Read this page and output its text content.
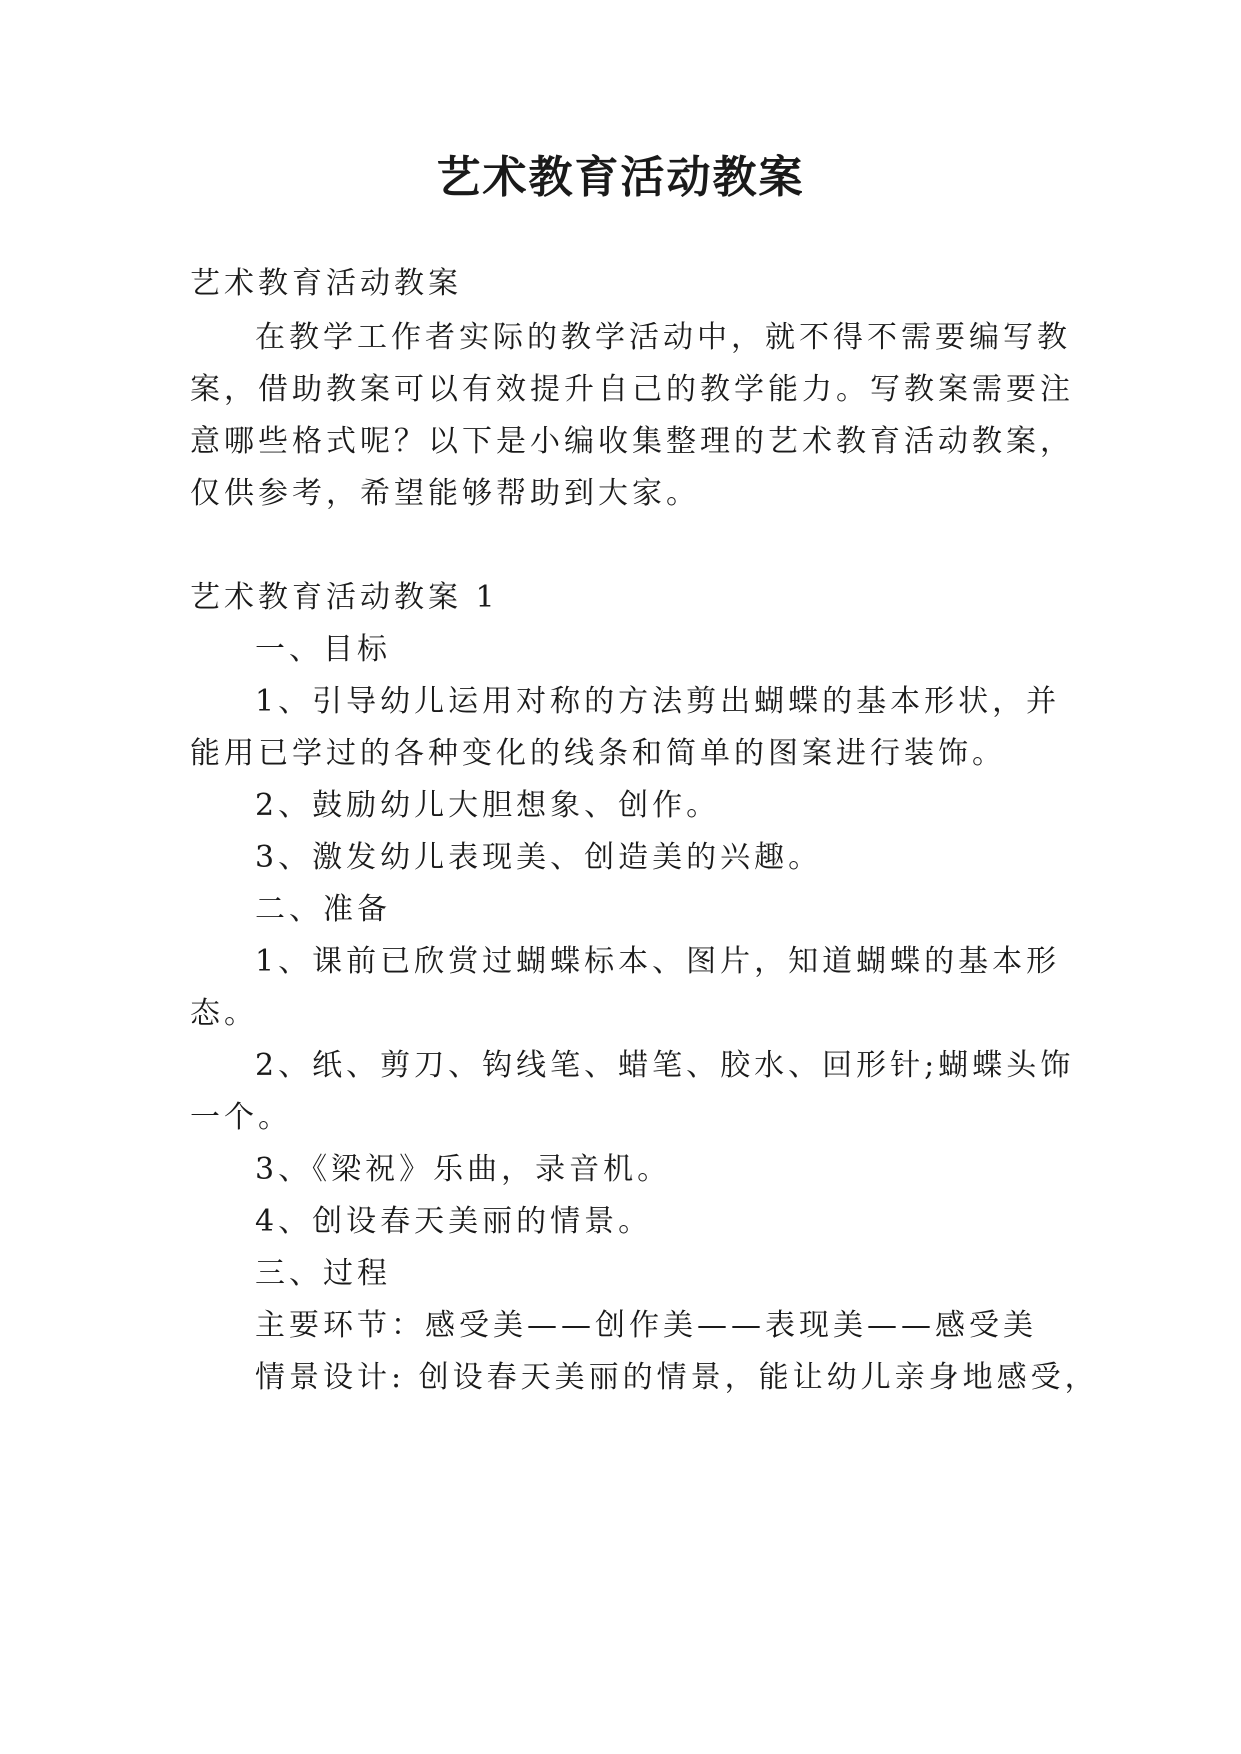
艺术教育活动教案

艺术教育活动教案

在教学工作者实际的教学活动中，就不得不需要编写教

案，借助教案可以有效提升自己的教学能力。写教案需要注

意哪些格式呢？以下是小编收集整理的艺术教育活动教案，

仅供参考，希望能够帮助到大家。

艺术教育活动教案 1

一、目标

1、引导幼儿运用对称的方法剪出蝴蝶的基本形状，并

能用已学过的各种变化的线条和简单的图案进行装饰。

2、鼓励幼儿大胆想象、创作。

3、激发幼儿表现美、创造美的兴趣。

二、准备

1、课前已欣赏过蝴蝶标本、图片，知道蝴蝶的基本形

态。

2、纸、剪刀、钩线笔、蜡笔、胶水、回形针;蝴蝶头饰

一个。

3、《梁祝》乐曲，录音机。

4、创设春天美丽的情景。

三、过程

主要环节：感受美——创作美——表现美——感受美

情景设计: 创设春天美丽的情景，能让幼儿亲身地感受，
